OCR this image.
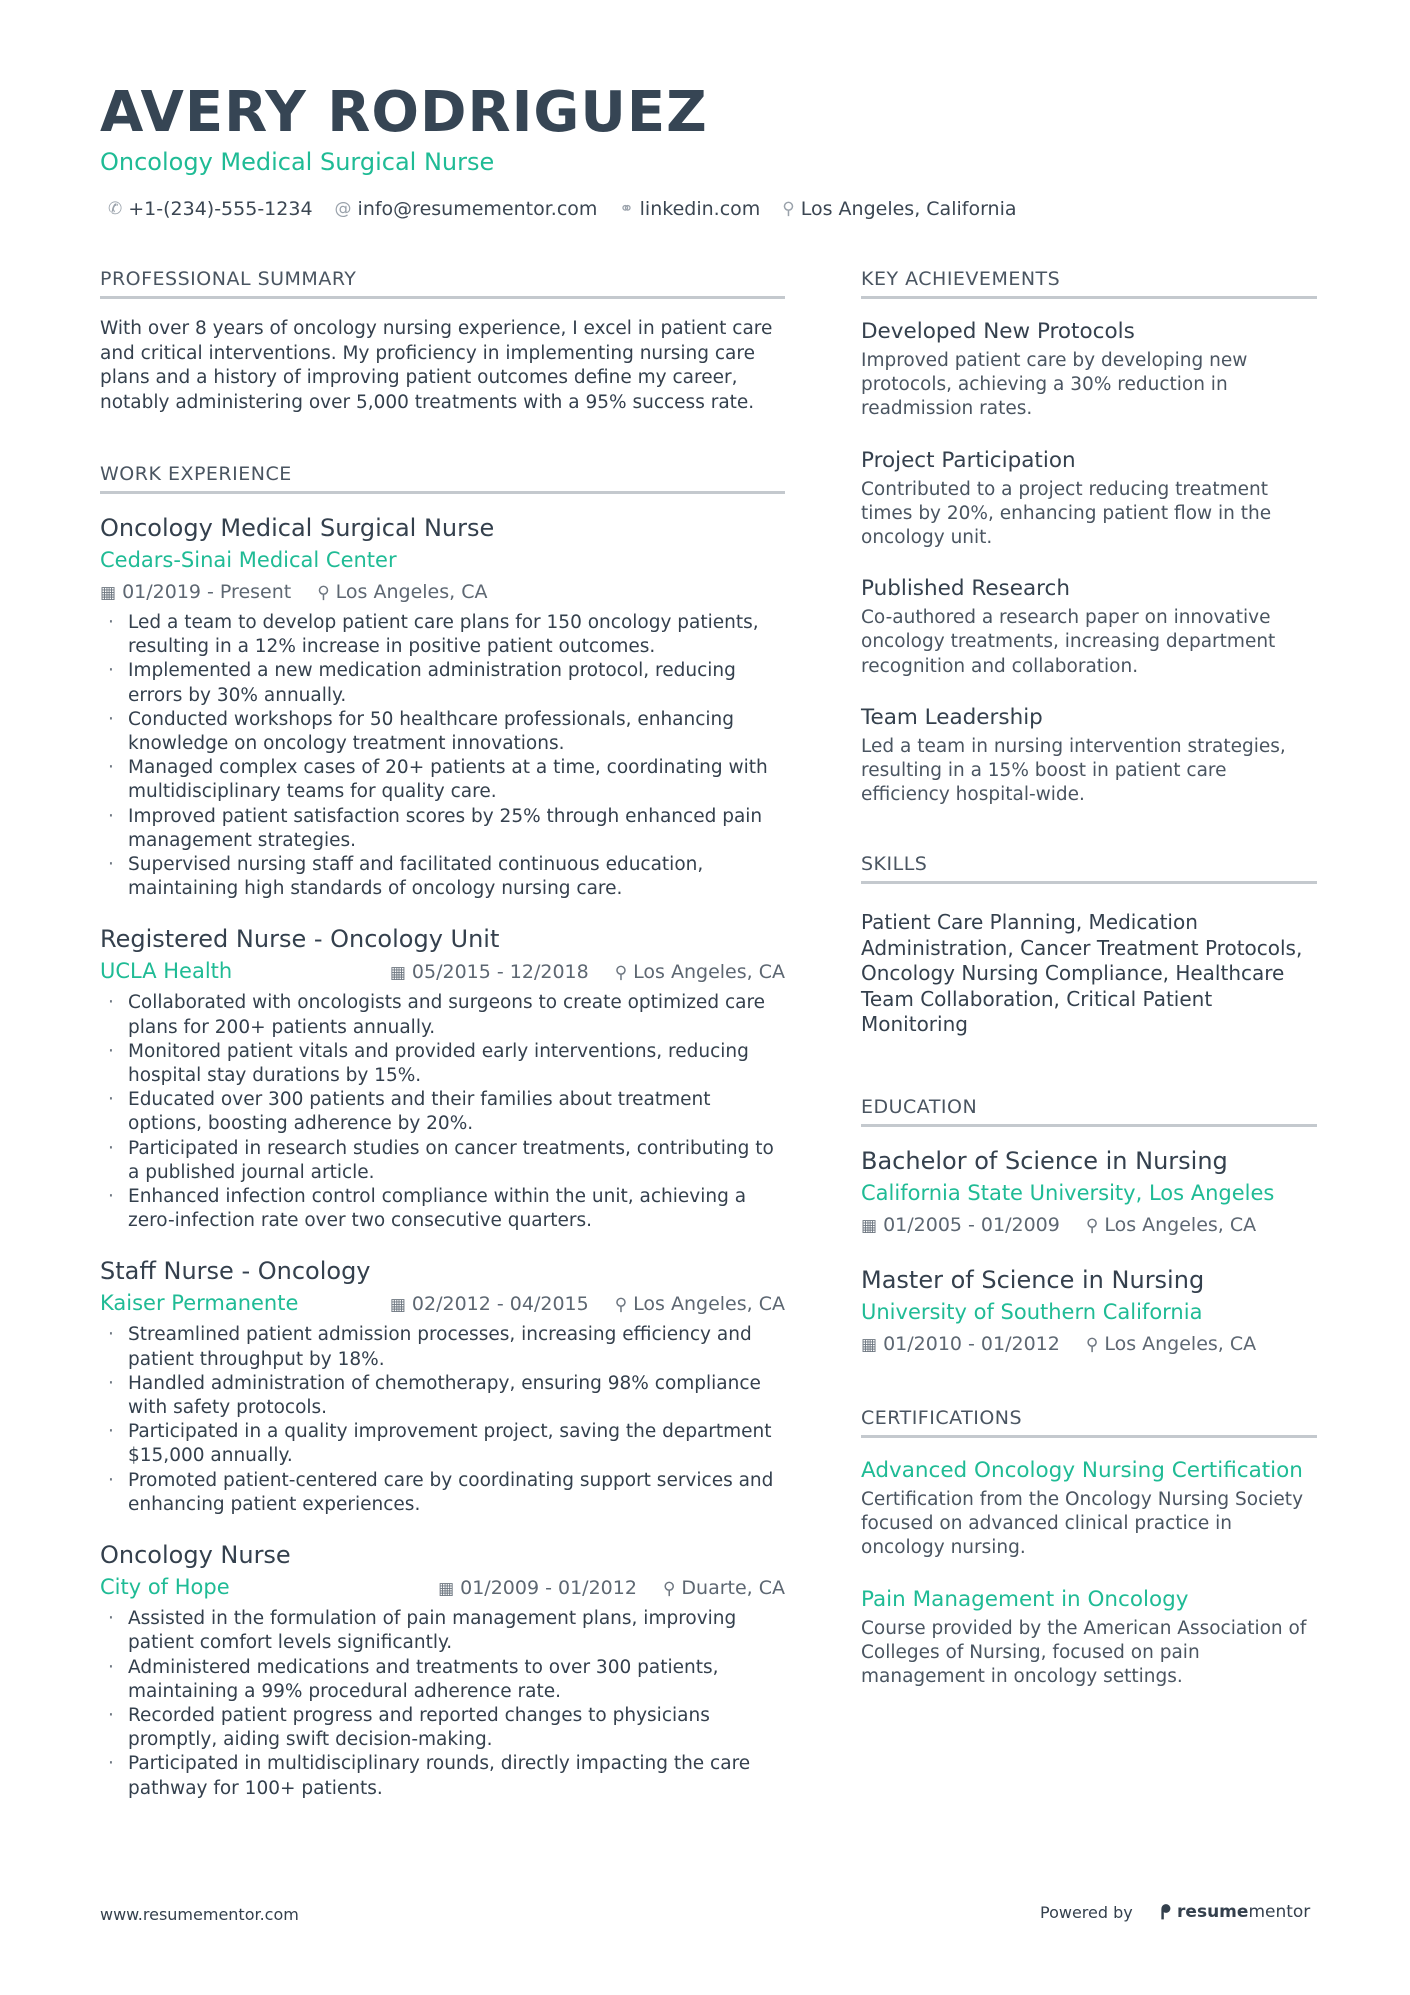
AVERY RODRIGUEZ
Oncology Medical Surgical Nurse
✆ +1-(234)-555-1234 @ info@resumementor.com ⚭ linkedin.com ⚲ Los Angeles, California
PROFESSIONAL SUMMARY

With over 8 years of oncology nursing experience, I excel in patient care and critical interventions. My proficiency in implementing nursing care plans and a history of improving patient outcomes define my career, notably administering over 5,000 treatments with a 95% success rate.

WORK EXPERIENCE
Oncology Medical Surgical Nurse
Cedars-Sinai Medical Center
▦ 01/2019 - Present ⚲ Los Angeles, CA
· Led a team to develop patient care plans for 150 oncology patients, resulting in a 12% increase in positive patient outcomes.
· Implemented a new medication administration protocol, reducing errors by 30% annually.
· Conducted workshops for 50 healthcare professionals, enhancing knowledge on oncology treatment innovations.
· Managed complex cases of 20+ patients at a time, coordinating with multidisciplinary teams for quality care.
· Improved patient satisfaction scores by 25% through enhanced pain management strategies.
· Supervised nursing staff and facilitated continuous education, maintaining high standards of oncology nursing care.
Registered Nurse - Oncology Unit
UCLA Health	▦ 05/2015 - 12/2018 ⚲ Los Angeles, CA
· Collaborated with oncologists and surgeons to create optimized care plans for 200+ patients annually.
· Monitored patient vitals and provided early interventions, reducing hospital stay durations by 15%.
· Educated over 300 patients and their families about treatment options, boosting adherence by 20%.
· Participated in research studies on cancer treatments, contributing to a published journal article.
· Enhanced infection control compliance within the unit, achieving a zero-infection rate over two consecutive quarters.
Staff Nurse - Oncology
Kaiser Permanente	▦ 02/2012 - 04/2015 ⚲ Los Angeles, CA
· Streamlined patient admission processes, increasing efficiency and patient throughput by 18%.
· Handled administration of chemotherapy, ensuring 98% compliance with safety protocols.
· Participated in a quality improvement project, saving the department $15,000 annually.
· Promoted patient-centered care by coordinating support services and enhancing patient experiences.
Oncology Nurse
City of Hope	▦ 01/2009 - 01/2012 ⚲ Duarte, CA
· Assisted in the formulation of pain management plans, improving patient comfort levels significantly.
· Administered medications and treatments to over 300 patients, maintaining a 99% procedural adherence rate.
· Recorded patient progress and reported changes to physicians promptly, aiding swift decision-making.
· Participated in multidisciplinary rounds, directly impacting the care pathway for 100+ patients.
KEY ACHIEVEMENTS
Developed New Protocols
Improved patient care by developing new protocols, achieving a 30% reduction in readmission rates.
Project Participation
Contributed to a project reducing treatment times by 20%, enhancing patient flow in the oncology unit.
Published Research
Co-authored a research paper on innovative oncology treatments, increasing department recognition and collaboration.
Team Leadership
Led a team in nursing intervention strategies, resulting in a 15% boost in patient care efficiency hospital-wide.
SKILLS
Patient Care Planning, Medication Administration, Cancer Treatment Protocols, Oncology Nursing Compliance, Healthcare Team Collaboration, Critical Patient Monitoring
EDUCATION
Bachelor of Science in Nursing
California State University, Los Angeles
▦ 01/2005 - 01/2009 ⚲ Los Angeles, CA
Master of Science in Nursing
University of Southern California
▦ 01/2010 - 01/2012 ⚲ Los Angeles, CA
CERTIFICATIONS
Advanced Oncology Nursing Certification
Certification from the Oncology Nursing Society focused on advanced clinical practice in oncology nursing.
Pain Management in Oncology
Course provided by the American Association of Colleges of Nursing, focused on pain management in oncology settings.
www.resumementor.com	Powered by ᖰ resumementor
